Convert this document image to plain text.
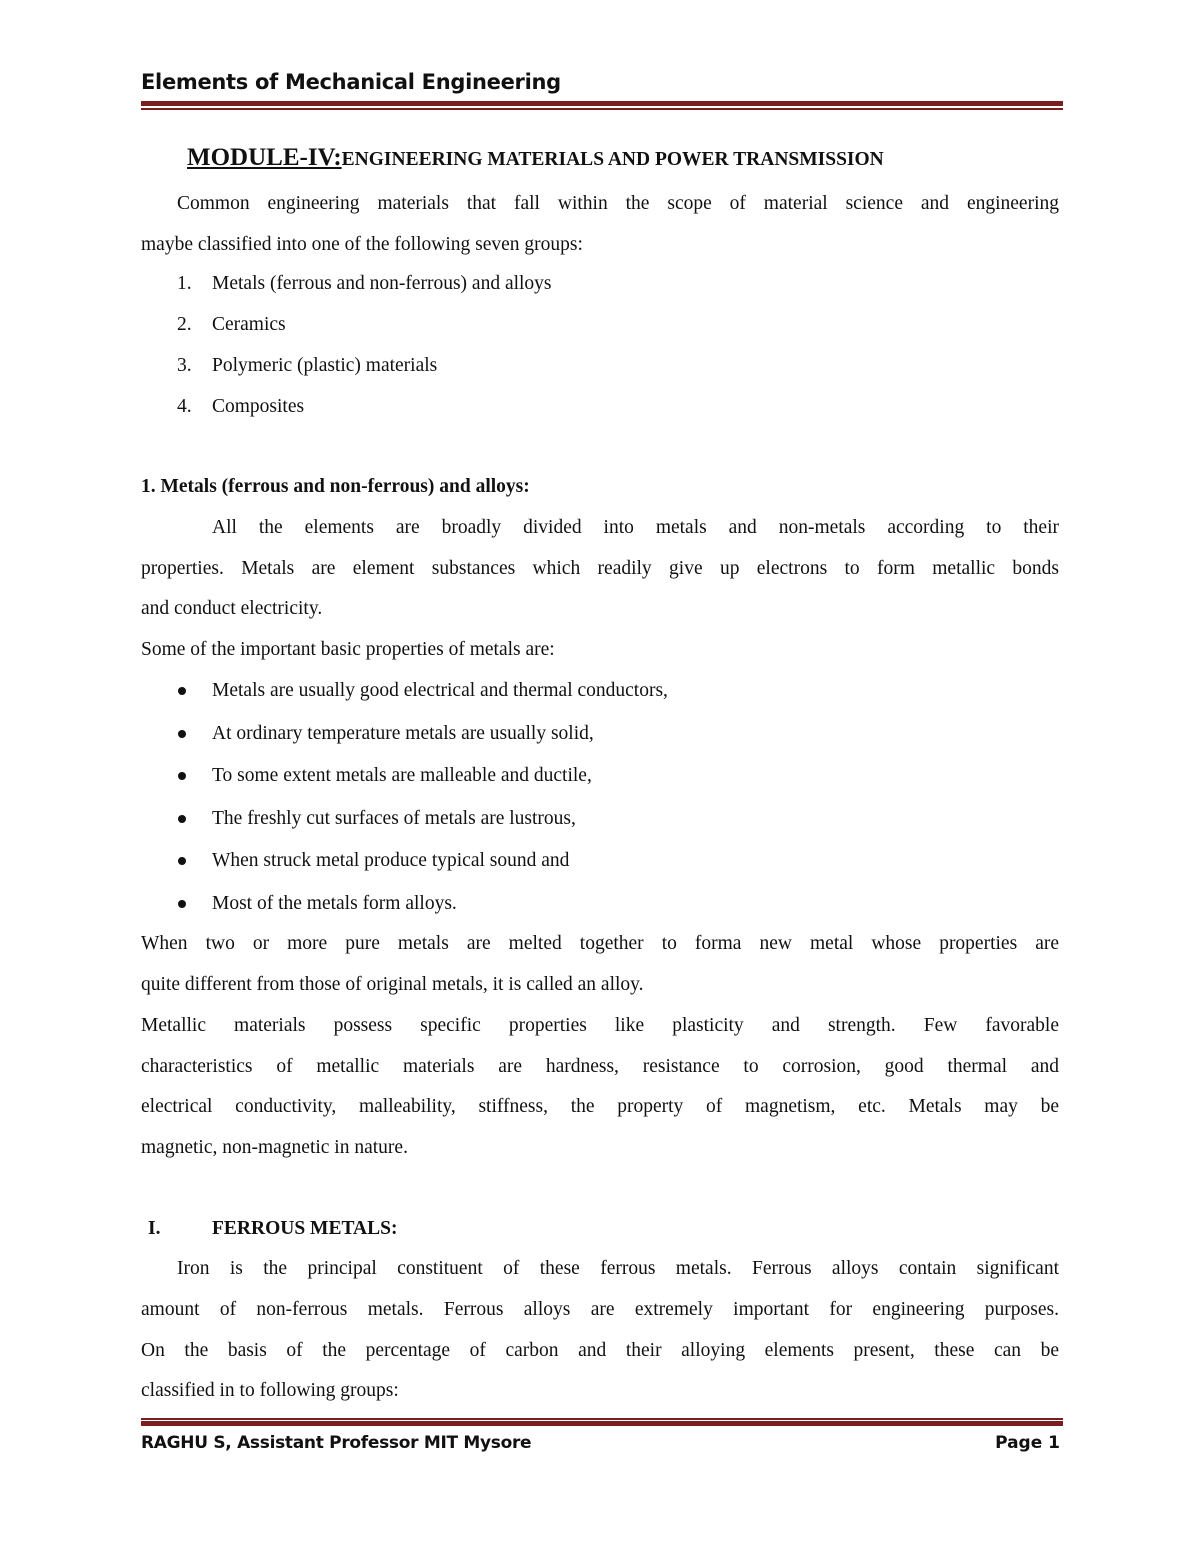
Elements of Mechanical Engineering
MODULE-IV:ENGINEERING MATERIALS AND POWER TRANSMISSION
Common engineering materials that fall within the scope of material science and engineering
maybe classified into one of the following seven groups:
1. Metals (ferrous and non-ferrous) and alloys
2. Ceramics
3. Polymeric (plastic) materials
4. Composites
1. Metals (ferrous and non-ferrous) and alloys:
All the elements are broadly divided into metals and non-metals according to their
properties. Metals are element substances which readily give up electrons to form metallic bonds
and conduct electricity.
Some of the important basic properties of metals are:
Metals are usually good electrical and thermal conductors,
At ordinary temperature metals are usually solid,
To some extent metals are malleable and ductile,
The freshly cut surfaces of metals are lustrous,
When struck metal produce typical sound and
Most of the metals form alloys.
When two or more pure metals are melted together to forma new metal whose properties are
quite different from those of original metals, it is called an alloy.
Metallic materials possess specific properties like plasticity and strength. Few favorable
characteristics of metallic materials are hardness, resistance to corrosion, good thermal and
electrical conductivity, malleability, stiffness, the property of magnetism, etc. Metals may be
magnetic, non-magnetic in nature.
I.	FERROUS METALS:
Iron is the principal constituent of these ferrous metals. Ferrous alloys contain significant
amount of non-ferrous metals. Ferrous alloys are extremely important for engineering purposes.
On the basis of the percentage of carbon and their alloying elements present, these can be
classified in to following groups:
RAGHU S, Assistant Professor MIT Mysore	Page 1
